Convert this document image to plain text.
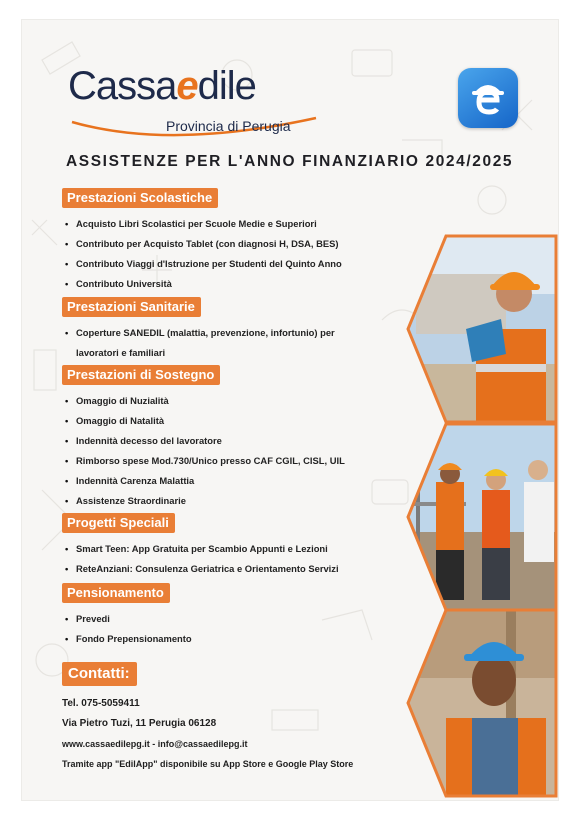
Cassaedile
Provincia di Perugia
ASSISTENZE PER L'ANNO FINANZIARIO 2024/2025
Prestazioni Scolastiche
• Acquisto Libri Scolastici per Scuole Medie e Superiori
• Contributo per Acquisto Tablet (con diagnosi H, DSA, BES)
• Contributo Viaggi d'Istruzione per Studenti del Quinto Anno
• Contributo Università
Prestazioni Sanitarie
• Coperture SANEDIL (malattia, prevenzione, infortunio) per lavoratori e familiari
Prestazioni di Sostegno
• Omaggio di Nuzialità
• Omaggio di Natalità
• Indennità decesso del lavoratore
• Rimborso spese Mod.730/Unico presso CAF CGIL, CISL, UIL
• Indennità Carenza Malattia
• Assistenze Straordinarie
Progetti Speciali
• Smart Teen: App Gratuita per Scambio Appunti e Lezioni
• ReteAnziani: Consulenza Geriatrica e Orientamento Servizi
Pensionamento
• Prevedi
• Fondo Prepensionamento
Contatti:
Tel. 075-5059411
Via Pietro Tuzi, 11 Perugia 06128
www.cassaedilepg.it - info@cassaedilepg.it
Tramite app "EdilApp" disponibile su App Store e Google Play Store
